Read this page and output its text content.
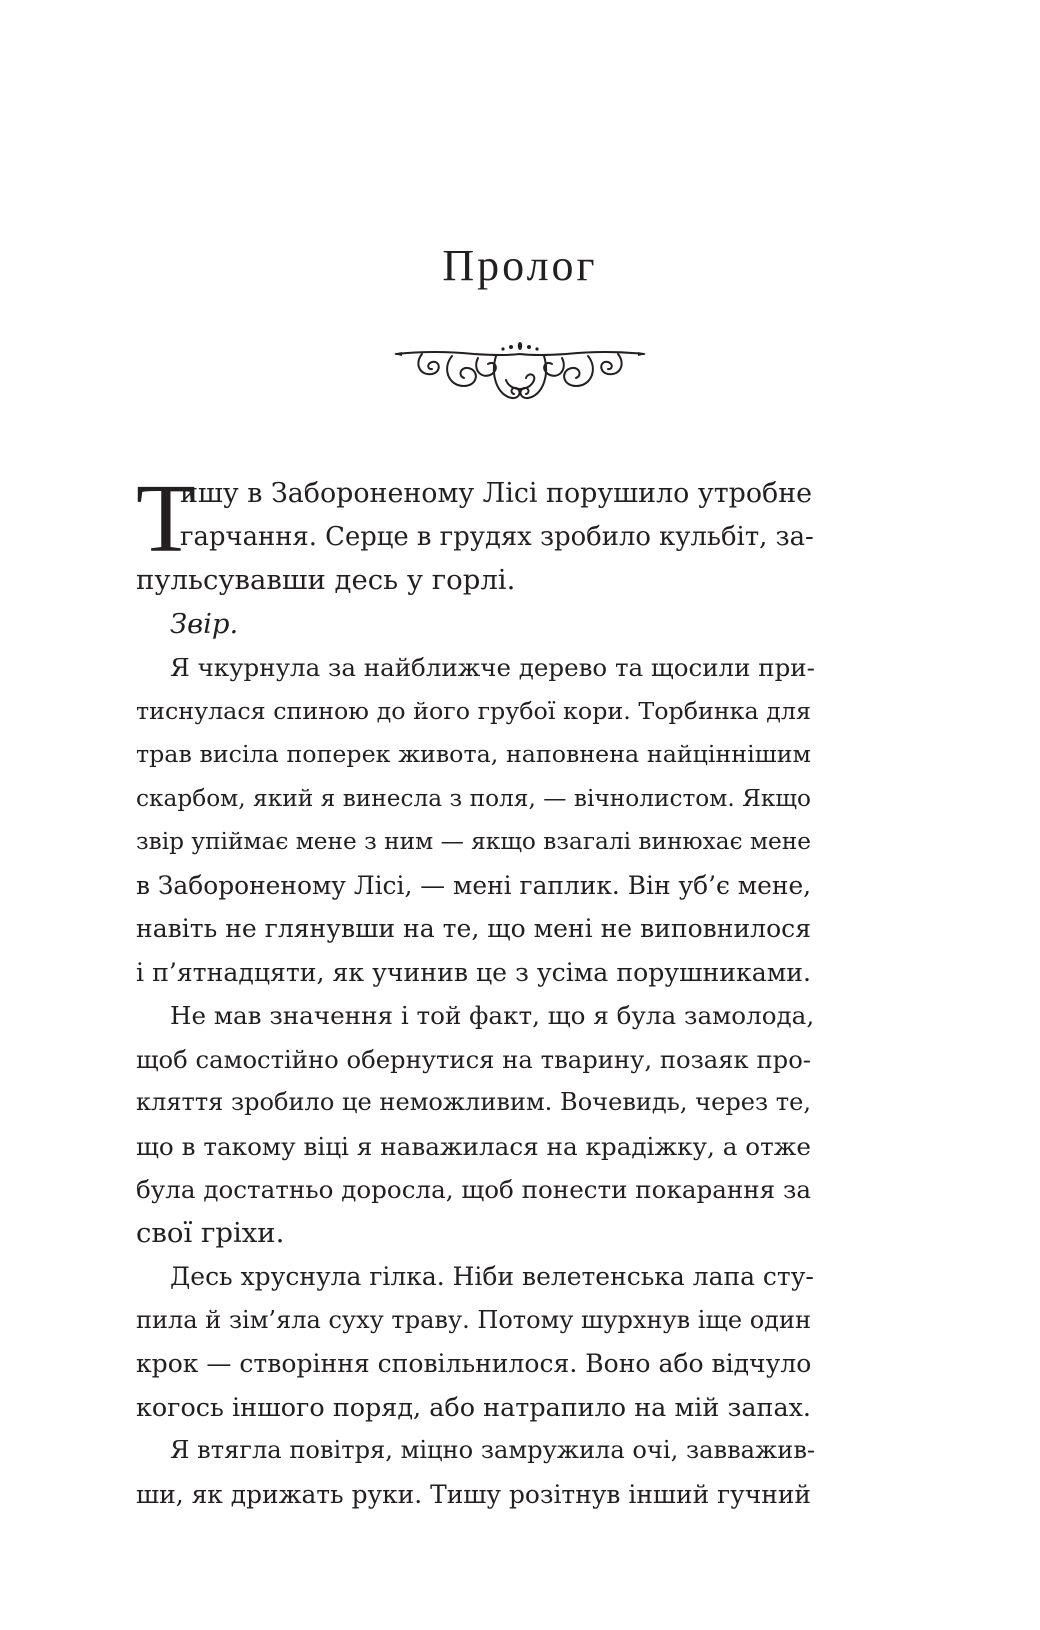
Пролог
Т
ишу в Забороненому Лісі порушило утробне
гарчання. Серце в грудях зробило кульбіт, за-
пульсувавши десь у горлі.
Звір.
Я чкурнула за найближче дерево та щосили при-
тиснулася спиною до його грубої кори. Торбинка для
трав висіла поперек живота, наповнена найціннішим
скарбом, який я винесла з поля, — вічнолистом. Якщо
звір упіймає мене з ним — якщо взагалі винюхає мене
в Забороненому Лісі, — мені гаплик. Він уб’є мене,
навіть не глянувши на те, що мені не виповнилося
і п’ятнадцяти, як учинив це з усіма порушниками.
Не мав значення і той факт, що я була замолода,
щоб самостійно обернутися на тварину, позаяк про-
кляття зробило це неможливим. Вочевидь, через те,
що в такому віці я наважилася на крадіжку, а отже
була достатньо доросла, щоб понести покарання за
свої гріхи.
Десь хруснула гілка. Ніби велетенська лапа сту-
пила й зім’яла суху траву. Потому шурхнув іще один
крок — створіння сповільнилося. Воно або відчуло
когось іншого поряд, або натрапило на мій запах.
Я втягла повітря, міцно замружила очі, завважив-
ши, як дрижать руки. Тишу розітнув інший гучний
